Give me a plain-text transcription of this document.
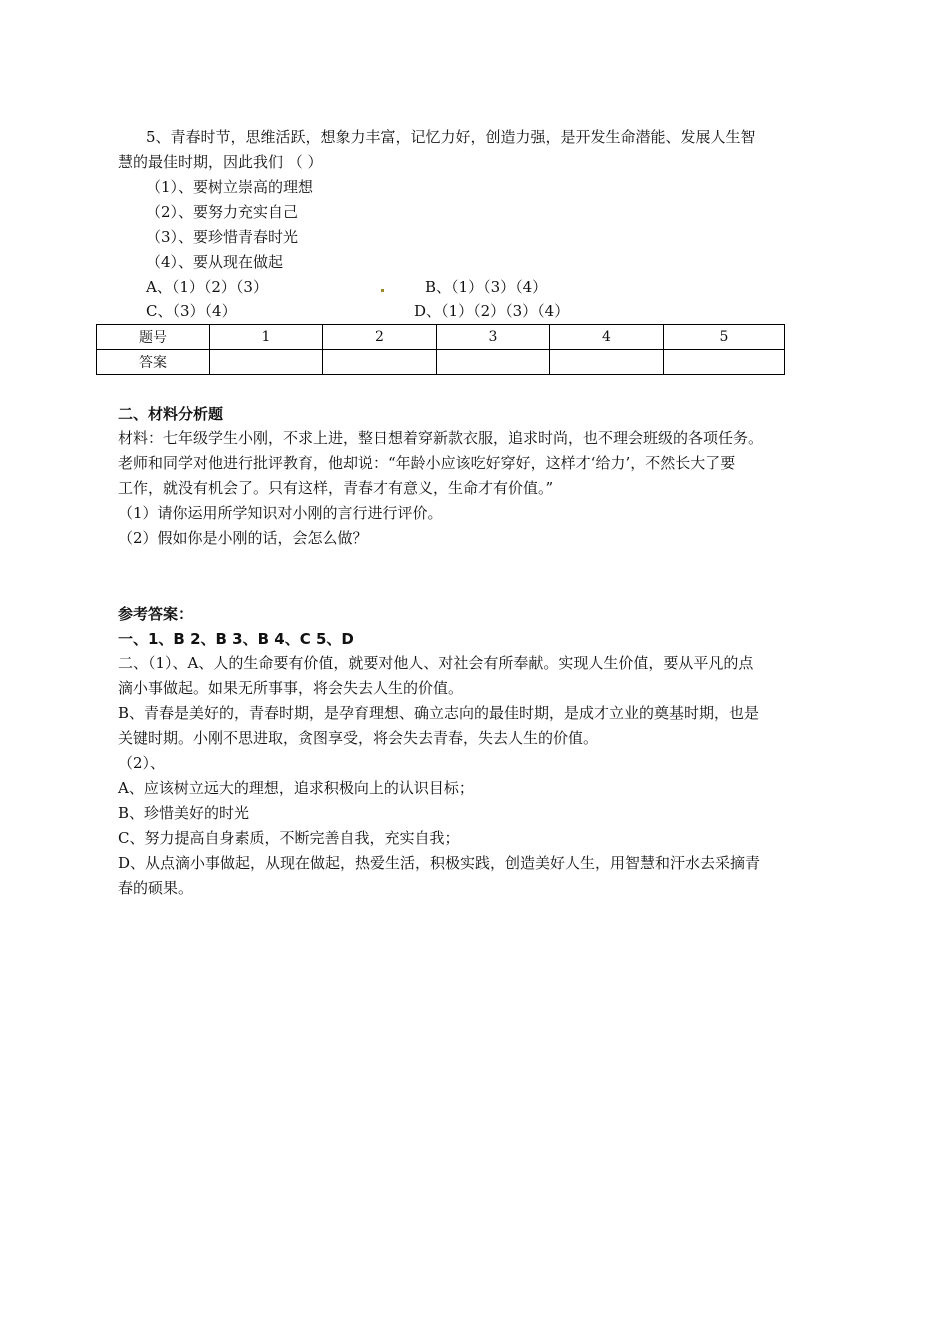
5、青春时节，思维活跃，想象力丰富，记忆力好，创造力强，是开发生命潜能、发展人生智
慧的最佳时期，因此我们 （ ）
（1）、要树立崇高的理想
（2）、要努力充实自己
（3）、要珍惜青春时光
（4）、要从现在做起
A、（1）（2）（3）	B、（1）（3）（4）
C、（3）（4）	D、（1）（2）（3）（4）
题号	1	2	3	4	5
答案					
二、材料分析题
材料：七年级学生小刚，不求上进，整日想着穿新款衣服，追求时尚，也不理会班级的各项任务。
老师和同学对他进行批评教育，他却说：“年龄小应该吃好穿好，这样才‘给力’，不然长大了要
工作，就没有机会了。只有这样，青春才有意义，生命才有价值。”
（1）请你运用所学知识对小刚的言行进行评价。
（2）假如你是小刚的话，会怎么做？
参考答案：
一、1、B 2、B 3、B 4、C 5、D
二、（1）、A、人的生命要有价值，就要对他人、对社会有所奉献。实现人生价值，要从平凡的点
滴小事做起。如果无所事事，将会失去人生的价值。
B、青春是美好的，青春时期，是孕育理想、确立志向的最佳时期，是成才立业的奠基时期，也是
关键时期。小刚不思进取，贪图享受，将会失去青春，失去人生的价值。
（2）、
A、应该树立远大的理想，追求积极向上的认识目标；
B、珍惜美好的时光
C、努力提高自身素质，不断完善自我，充实自我；
D、从点滴小事做起，从现在做起，热爱生活，积极实践，创造美好人生，用智慧和汗水去采摘青
春的硕果。
